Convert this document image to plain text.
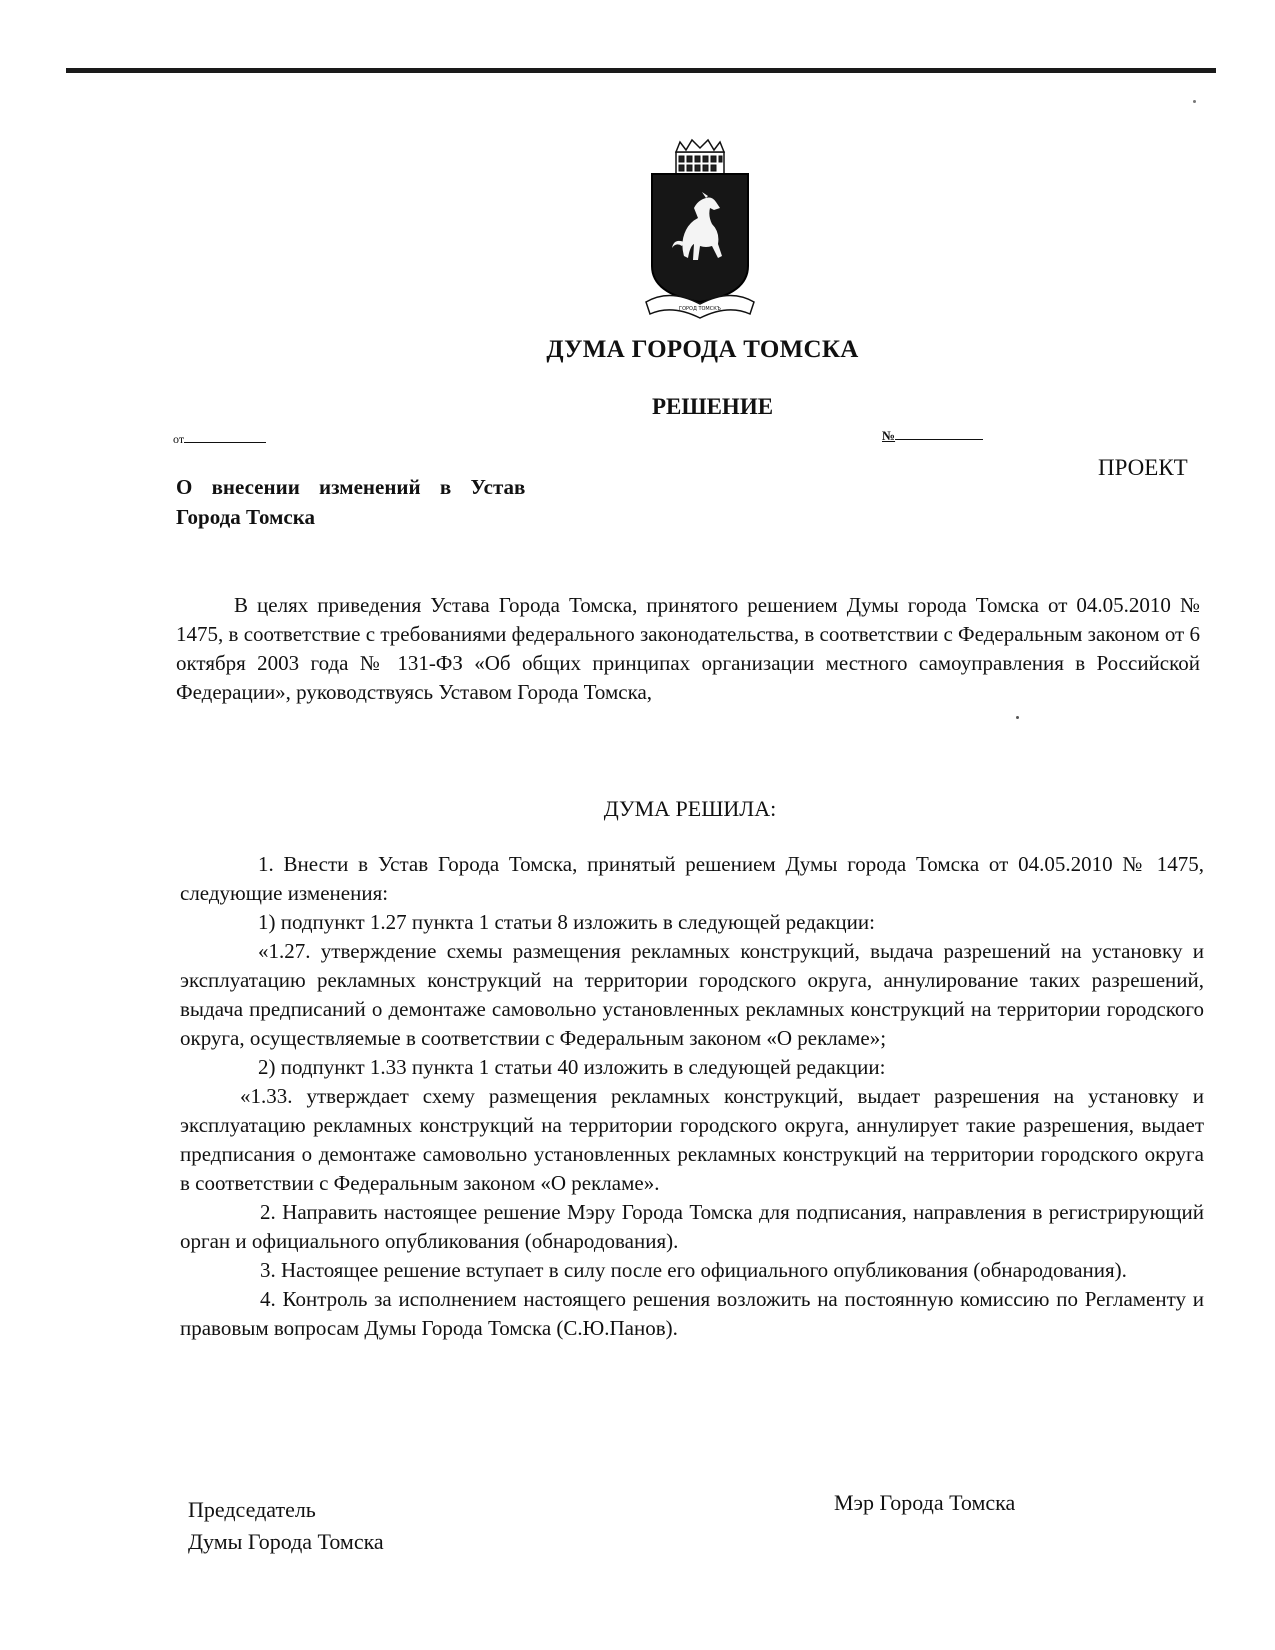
ГОРОД ТОМСКЪ
ДУМА ГОРОДА ТОМСКА
РЕШЕНИЕ
от	№
ПРОЕКТ
О внесении изменений в Устав
Города Томска
В целях приведения Устава Города Томска, принятого решением Думы города Томска от 04.05.2010 № 1475, в соответствие с требованиями федерального законодательства, в соответствии с Федеральным законом от 6 октября 2003 года № 131-ФЗ «Об общих принципах организации местного самоуправления в Российской Федерации», руководствуясь Уставом Города Томска,
ДУМА РЕШИЛА:

1. Внести в Устав Города Томска, принятый решением Думы города Томска от 04.05.2010 № 1475, следующие изменения:

1) подпункт 1.27 пункта 1 статьи 8 изложить в следующей редакции:

«1.27. утверждение схемы размещения рекламных конструкций, выдача разрешений на установку и эксплуатацию рекламных конструкций на территории городского округа, аннулирование таких разрешений, выдача предписаний о демонтаже самовольно установленных рекламных конструкций на территории городского округа, осуществляемые в соответствии с Федеральным законом «О рекламе»;

2) подпункт 1.33 пункта 1 статьи 40 изложить в следующей редакции:

«1.33. утверждает схему размещения рекламных конструкций, выдает разрешения на установку и эксплуатацию рекламных конструкций на территории городского округа, аннулирует такие разрешения, выдает предписания о демонтаже самовольно установленных рекламных конструкций на территории городского округа в соответствии с Федеральным законом «О рекламе».

2. Направить настоящее решение Мэру Города Томска для подписания, направления в регистрирующий орган и официального опубликования (обнародования).

3. Настоящее решение вступает в силу после его официального опубликования (обнародования).

4. Контроль за исполнением настоящего решения возложить на постоянную комиссию по Регламенту и правовым вопросам Думы Города Томска (С.Ю.Панов).

Председатель
Думы Города Томска
Мэр Города Томска
